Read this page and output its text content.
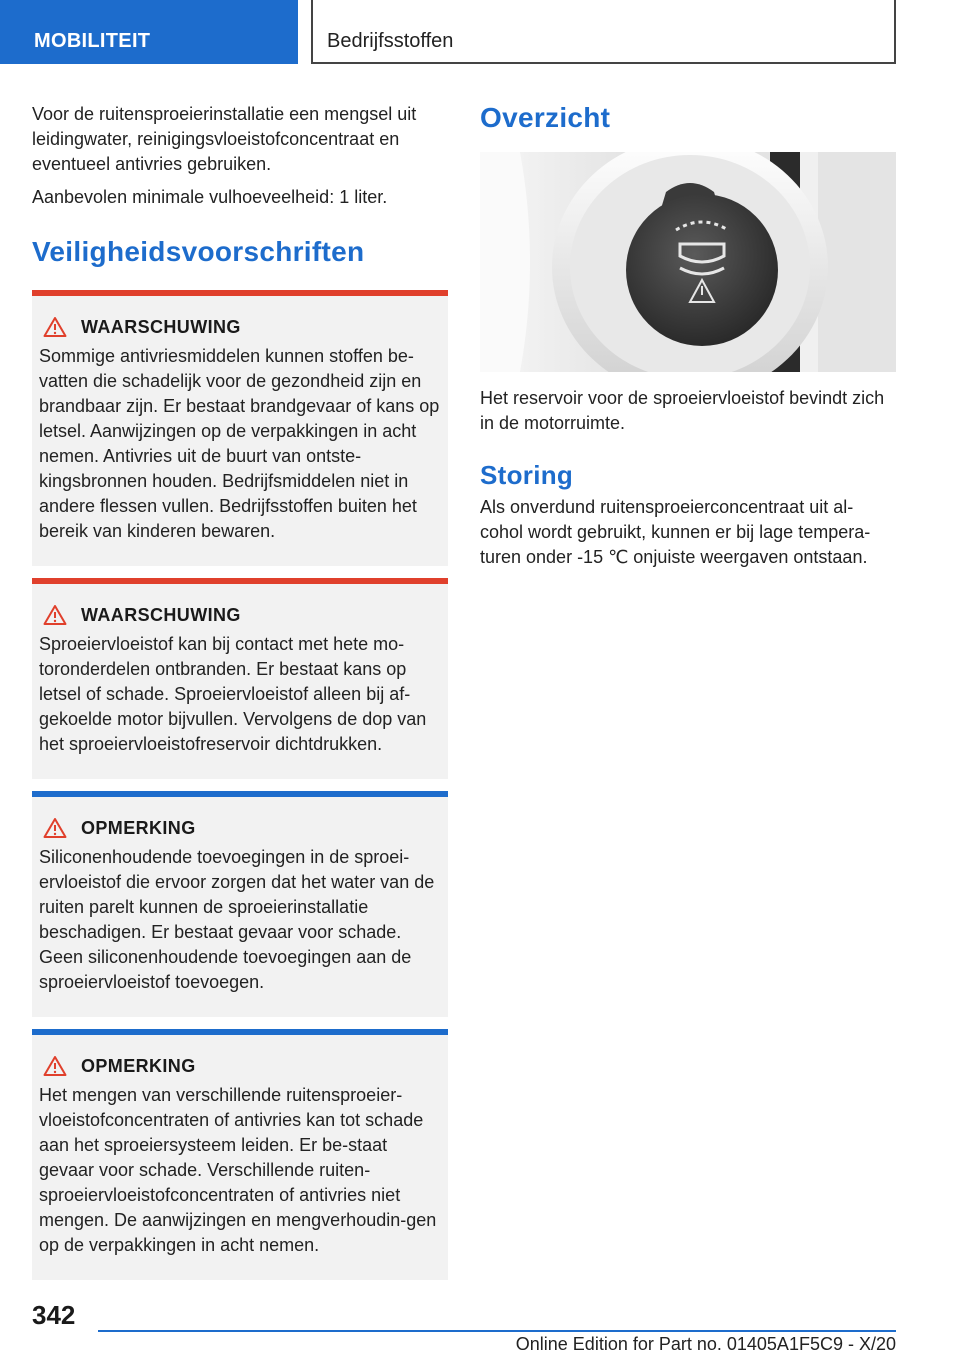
MOBILITEIT	Bedrijfsstoffen

Voor de ruitensproeierinstallatie een mengsel uit leidingwater, reinigingsvloeistofconcentraat en eventueel antivries gebruiken.

Aanbevolen minimale vulhoeveelheid: 1 liter.

Veiligheidsvoorschriften
WAARSCHUWING
Sommige antivriesmiddelen kunnen stoffen be-vatten die schadelijk voor de gezondheid zijn en brandbaar zijn. Er bestaat brandgevaar of kans op letsel. Aanwijzingen op de verpakkingen in acht nemen. Antivries uit de buurt van ontste-kingsbronnen houden. Bedrijfsmiddelen niet in andere flessen vullen. Bedrijfsstoffen buiten het bereik van kinderen bewaren.
WAARSCHUWING
Sproeiervloeistof kan bij contact met hete mo-toronderdelen ontbranden. Er bestaat kans op letsel of schade. Sproeiervloeistof alleen bij af-gekoelde motor bijvullen. Vervolgens de dop van het sproeiervloeistofreservoir dichtdrukken.
OPMERKING
Siliconenhoudende toevoegingen in de sproei-ervloeistof die ervoor zorgen dat het water van de ruiten parelt kunnen de sproeierinstallatie beschadigen. Er bestaat gevaar voor schade. Geen siliconenhoudende toevoegingen aan de sproeiervloeistof toevoegen.
OPMERKING
Het mengen van verschillende ruitensproeier-vloeistofconcentraten of antivries kan tot schade aan het sproeiersysteem leiden. Er be-staat gevaar voor schade. Verschillende ruiten-sproeiervloeistofconcentraten of antivries niet mengen. De aanwijzingen en mengverhoudin-gen op de verpakkingen in acht nemen.
Overzicht

Het reservoir voor de sproeiervloeistof bevindt zich in de motorruimte.

Storing

Als onverdund ruitensproeierconcentraat uit al-cohol wordt gebruikt, kunnen er bij lage tempera-turen onder -15 ℃ onjuiste weergaven ontstaan.

342
Online Edition for Part no. 01405A1F5C9 - X/20
